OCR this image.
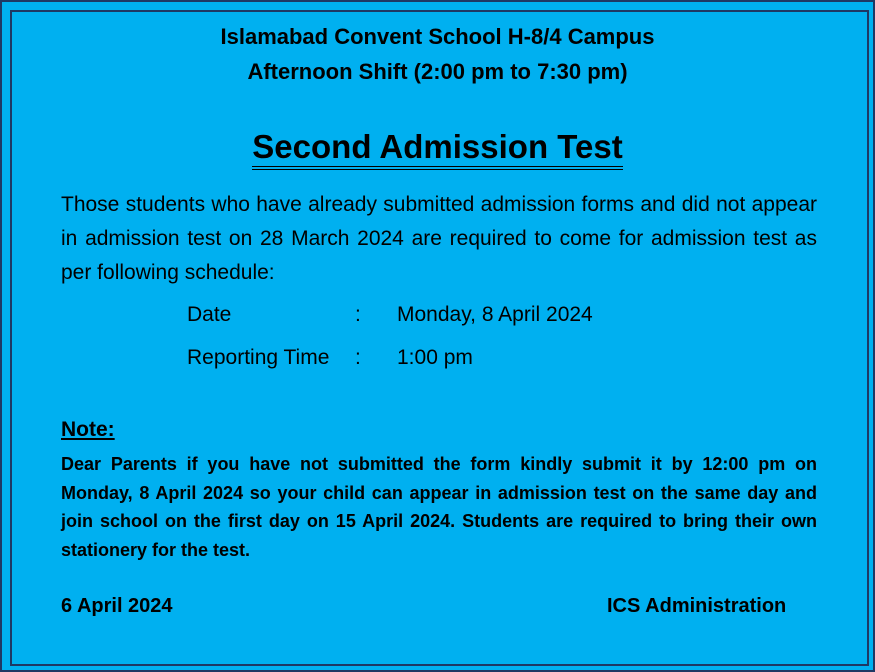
Islamabad Convent School H-8/4 Campus

Afternoon Shift (2:00 pm to 7:30 pm)

Second Admission Test

Those students who have already submitted admission forms and did not appear in admission test on 28 March 2024 are required to come for admission test as per following schedule:

Date	: Monday, 8 April 2024
Reporting Time : 1:00 pm

Note:

Dear Parents if you have not submitted the form kindly submit it by 12:00 pm on Monday, 8 April 2024 so your child can appear in admission test on the same day and join school on the first day on 15 April 2024. Students are required to bring their own stationery for the test.

6 April 2024	ICS Administration
